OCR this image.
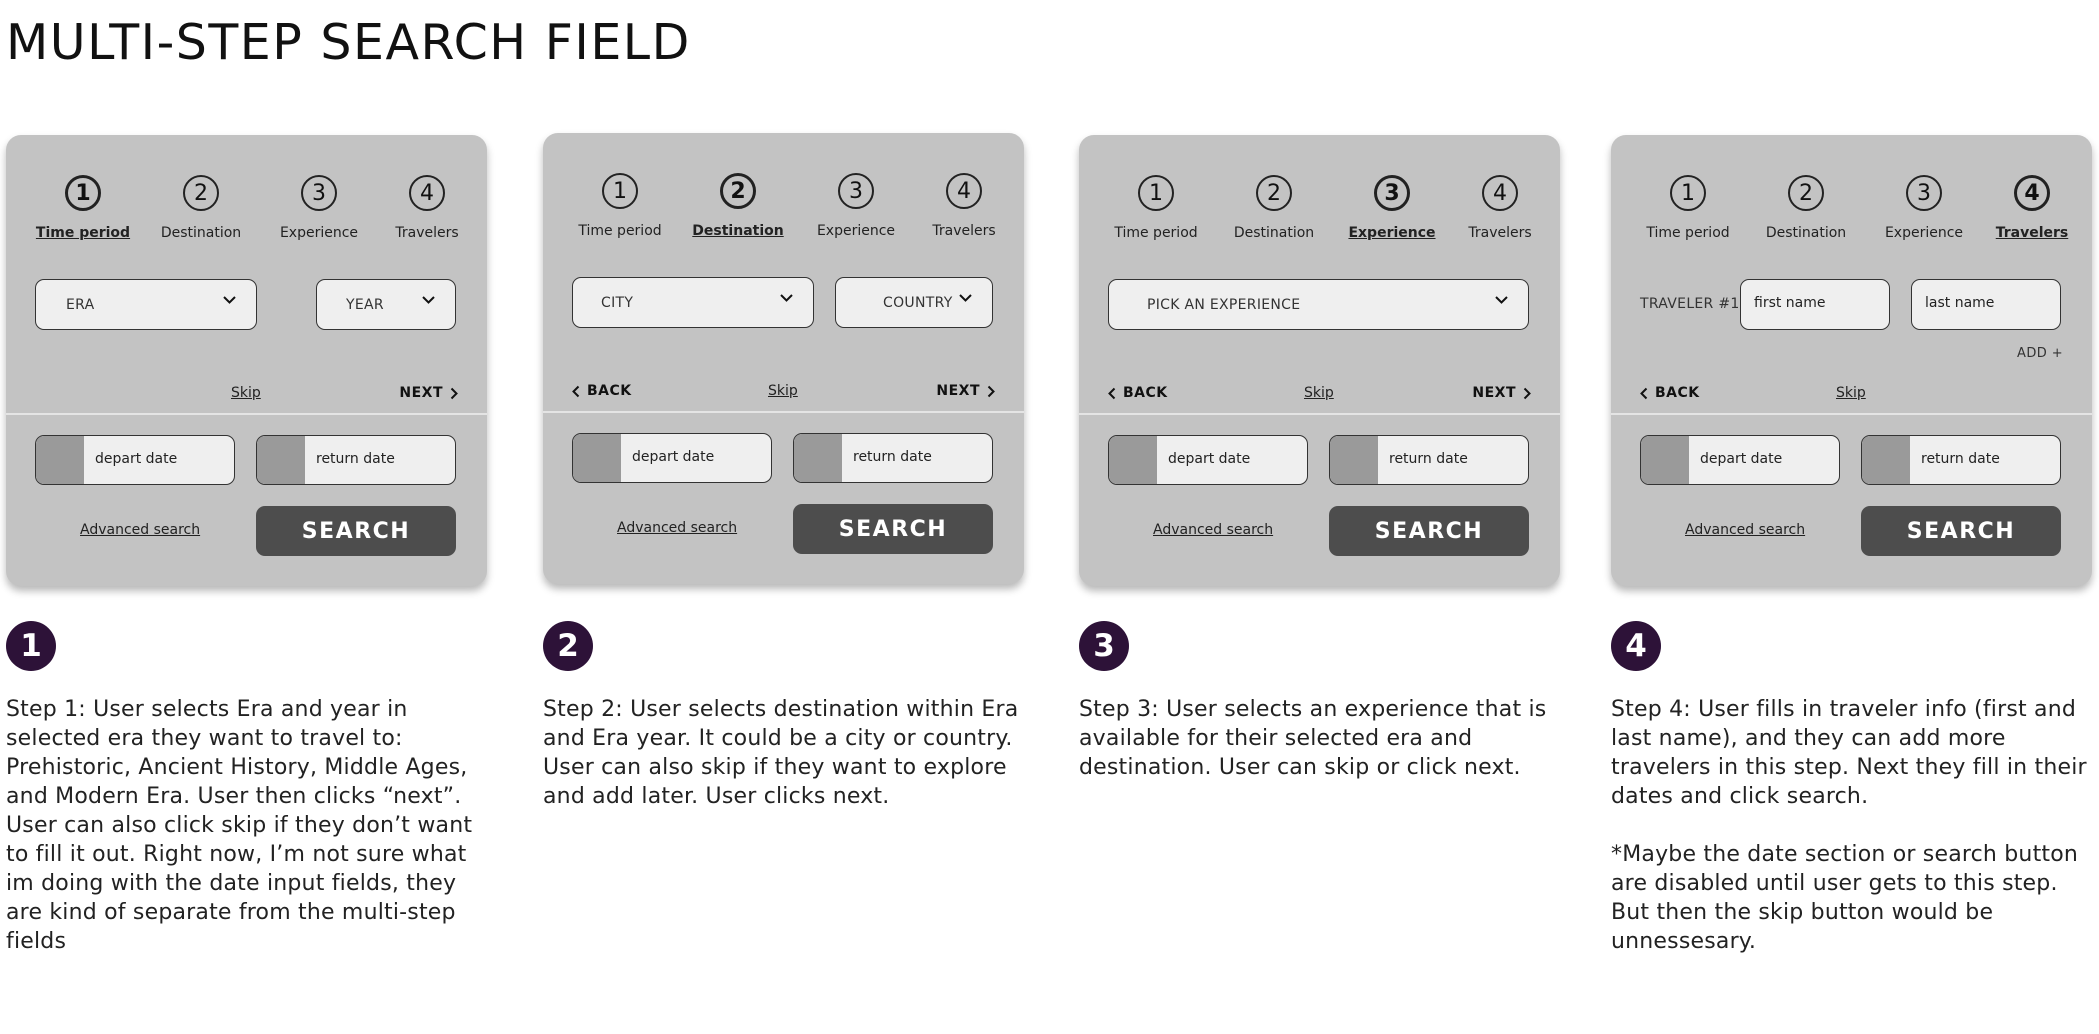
MULTI-STEP SEARCH FIELD
1
Time period
2
Destination
3
Experience
4
Travelers
ERA	YEAR
Skip	NEXT
depart date	return date
Advanced search	SEARCH
1
Time period
2
Destination
3
Experience
4
Travelers
CITY	COUNTRY
BACK	Skip	NEXT
depart date	return date
Advanced search	SEARCH
1
Time period
2
Destination
3
Experience
4
Travelers
PICK AN EXPERIENCE
BACK	Skip	NEXT
depart date	return date
Advanced search	SEARCH
1
Time period
2
Destination
3
Experience
4
Travelers
TRAVELER #1 first name	last name
ADD +
BACK	Skip
depart date	return date
Advanced search	SEARCH
1

Step 1: User selects Era and year in selected era they want to travel to: Prehistoric, Ancient History, Middle Ages, and Modern Era. User then clicks “next”. User can also click skip if they don’t want to fill it out. Right now, I’m not sure what im doing with the date input fields, they are kind of separate from the multi-step fields

2

Step 2: User selects destination within Era and Era year. It could be a city or country. User can also skip if they want to explore and add later. User clicks next.

3

Step 3: User selects an experience that is available for their selected era and destination. User can skip or click next.

4

Step 4: User fills in traveler info (first and last name), and they can add more travelers in this step. Next they fill in their dates and click search.

*Maybe the date section or search button are disabled until user gets to this step. But then the skip button would be unnessesary.
